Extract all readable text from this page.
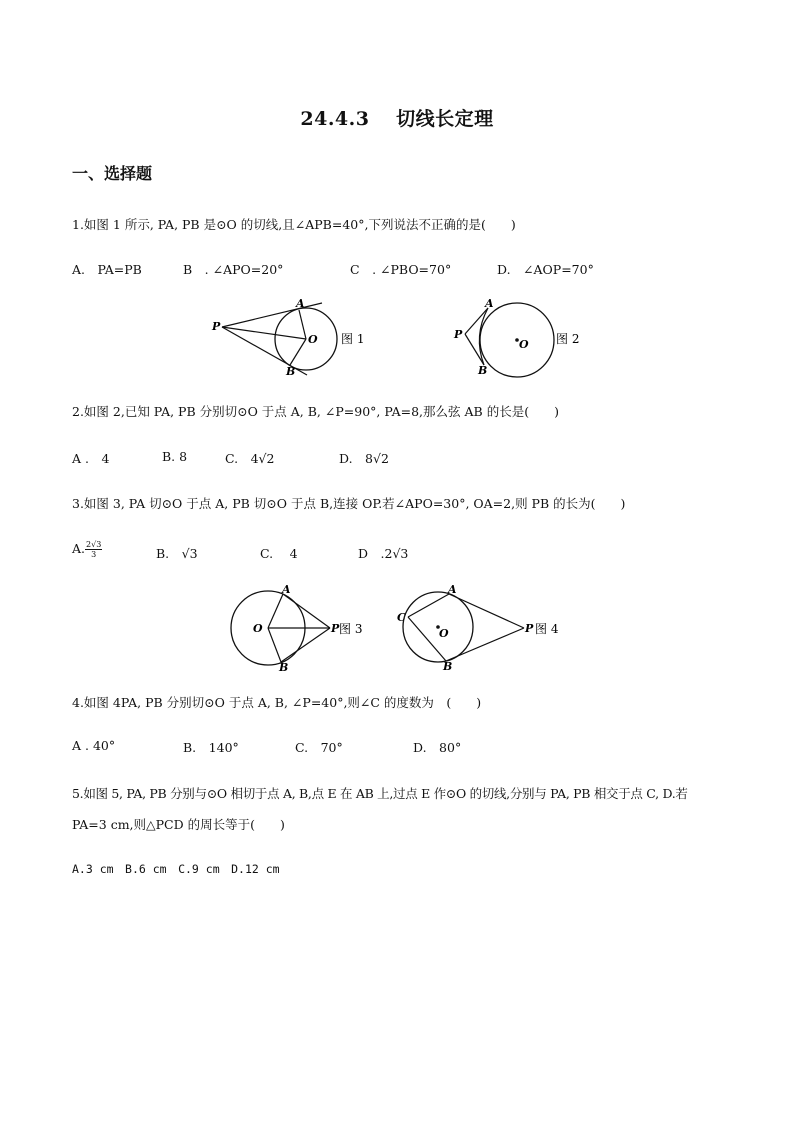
24.4.3　 切线长定理
一、选择题
1.如图 1 所示, PA, PB 是⊙O 的切线,且∠APB=40°,下列说法不正确的是(　　)
A.　PA=PB	B　. ∠APO=20°	C　. ∠PBO=70°	D.　∠AOP=70°
P
A
O
B
图 1	P
A
O
B
图 2
2.如图 2,已知 PA, PB 分别切⊙O 于点 A, B, ∠P=90°, PA=8,那么弦 AB 的长是(　　)
A .　4	B. 8	C.　4√2	D.　8√2
3.如图 3, PA 切⊙O 于点 A, PB 切⊙O 于点 B,连接 OP.若∠APO=30°, OA=2,则 PB 的长为(　　)
A. $\frac{2√3}{3}$	B.　√3	C.　 4	D　.2√3
O
A
P
B
图 3
C
A
O	P
B
图 4
4.如图 4PA, PB 分别切⊙O 于点 A, B, ∠P=40°,则∠C 的度数为　(　　)
A . 40°	B.　140°	C.　70°	D.　80°
5.如图 5, PA, PB 分别与⊙O 相切于点 A, B,点 E 在 AB 上,过点 E 作⊙O 的切线,分别与 PA, PB 相交于点 C, D.若
PA=3 cm,则△PCD 的周长等于(　　)
A.3 cm　B.6 cm　C.9 cm　D.12 cm
